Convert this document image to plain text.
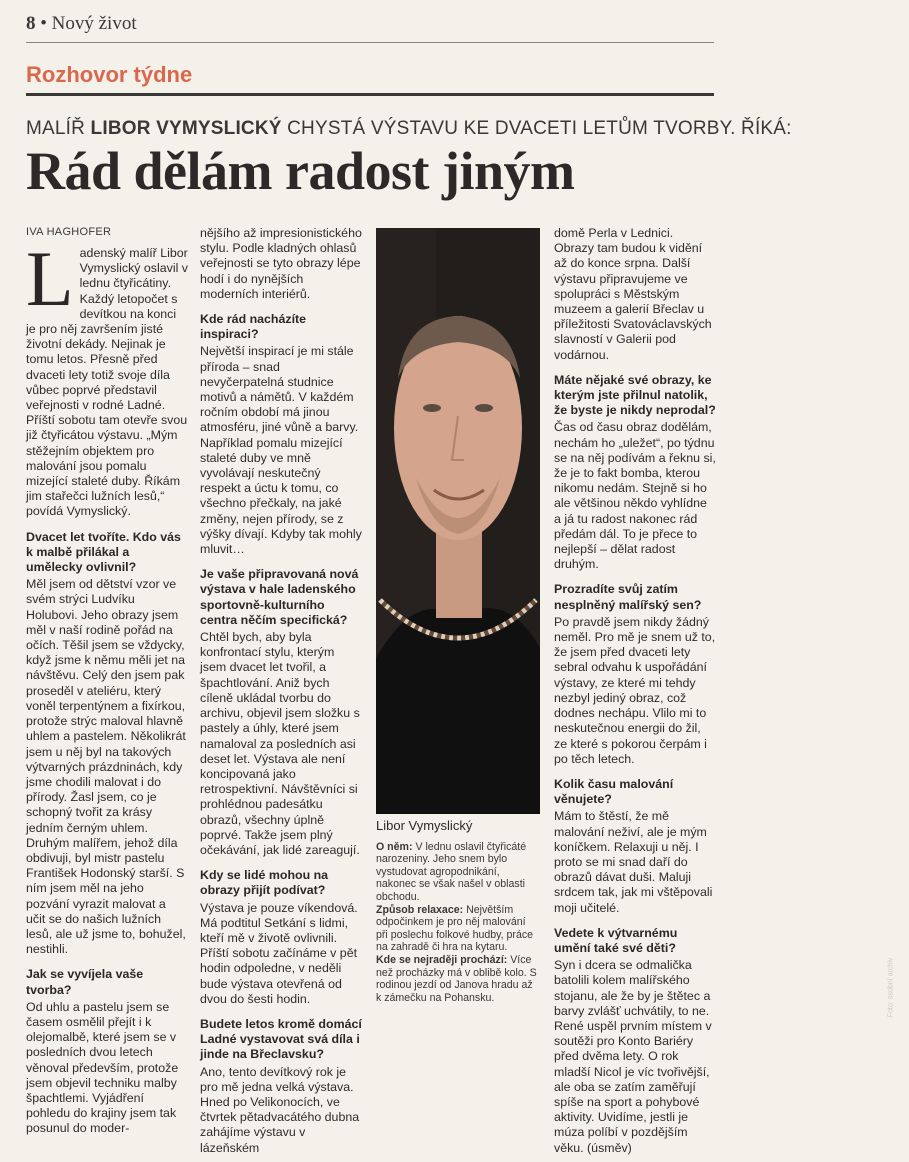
8 • Nový život
Rozhovor týdne
MALÍŘ LIBOR VYMYSLICKÝ CHYSTÁ VÝSTAVU KE DVACETI LETŮM TVORBY. ŘÍKÁ:
Rád dělám radost jiným
IVA HAGHOFER

Ladenský malíř Libor Vymyslický oslavil v lednu čtyřicátiny. Každý letopočet s devítkou na konci je pro něj završením jisté životní dekády. Nejinak je tomu letos. Přesně před dvaceti lety totiž svoje díla vůbec poprvé představil veřejnosti v rodné Ladné. Příští sobotu tam otevře svou již čtyřicátou výstavu. „Mým stěžejním objektem pro malování jsou pomalu mizející staleté duby. Říkám jim stařečci lužních lesů,“ povídá Vymyslický.

Dvacet let tvoříte. Kdo vás k malbě přilákal a umělecky ovlivnil?

Měl jsem od dětství vzor ve svém strýci Ludvíku Holubovi. Jeho obrazy jsem měl v naší rodině pořád na očích. Těšil jsem se vždycky, když jsme k němu měli jet na návštěvu. Celý den jsem pak proseděl v ateliéru, který voněl terpentýnem a fixírkou, protože strýc maloval hlavně uhlem a pastelem. Několikrát jsem u něj byl na takových výtvarných prázdninách, kdy jsme chodili malovat i do přírody. Žasl jsem, co je schopný tvořit za krásy jedním černým uhlem. Druhým malířem, jehož díla obdivuji, byl mistr pastelu František Hodonský starší. S ním jsem měl na jeho pozvání vyrazit malovat a učit se do našich lužních lesů, ale už jsme to, bohužel, nestihli.

Jak se vyvíjela vaše tvorba?

Od uhlu a pastelu jsem se časem osmělil přejít i k olejomalbě, které jsem se v posledních dvou letech věnoval především, protože jsem objevil techniku malby špachtlemi. Vyjádření pohledu do krajiny jsem tak posunul do moder-

nějšího až impresionistického stylu. Podle kladných ohlasů veřejnosti se tyto obrazy lépe hodí i do nynějších moderních interiérů.

Kde rád nacházíte inspiraci?

Největší inspirací je mi stále příroda – snad nevyčerpatelná studnice motivů a námětů. V každém ročním období má jinou atmosféru, jiné vůně a barvy. Například pomalu mizející staleté duby ve mně vyvolávají neskutečný respekt a úctu k tomu, co všechno přečkaly, na jaké změny, nejen přírody, se z výšky dívají. Kdyby tak mohly mluvit…

Je vaše připravovaná nová výstava v hale ladenského sportovně-kulturního centra něčím specifická?

Chtěl bych, aby byla konfrontací stylu, kterým jsem dvacet let tvořil, a špachtlování. Aniž bych cíleně ukládal tvorbu do archivu, objevil jsem složku s pastely a úhly, které jsem namaloval za posledních asi deset let. Výstava ale není koncipovaná jako retrospektivní. Návštěvníci si prohlédnou padesátku obrazů, všechny úplně poprvé. Takže jsem plný očekávání, jak lidé zareagují.

Kdy se lidé mohou na obrazy přijít podívat?

Výstava je pouze víkendová. Má podtitul Setkání s lidmi, kteří mě v životě ovlivnili. Příští sobotu začínáme v pět hodin odpoledne, v neděli bude výstava otevřená od dvou do šesti hodin.

Budete letos kromě domácí Ladné vystavovat svá díla i jinde na Břeclavsku?

Ano, tento devítkový rok je pro mě jedna velká výstava. Hned po Velikonocích, ve čtvrtek pětadvacátého dubna zahájíme výstavu v lázeňském

Foto: osobní archiv
Libor Vymyslický

O něm: V lednu oslavil čtyřicáté narozeniny. Jeho snem bylo vystudovat agropodnikání, nakonec se však našel v oblasti obchodu.

Způsob relaxace: Největším odpočinkem je pro něj malování při poslechu folkové hudby, práce na zahradě či hra na kytaru.

Kde se nejraději prochází: Více než procházky má v oblibě kolo. S rodinou jezdí od Janova hradu až k zámečku na Pohansku.

domě Perla v Lednici. Obrazy tam budou k vidění až do konce srpna. Další výstavu připravujeme ve spolupráci s Městským muzeem a galerií Břeclav u příležitosti Svatováclavských slavností v Galerii pod vodárnou.

Máte nějaké své obrazy, ke kterým jste přilnul natolik, že byste je nikdy neprodal?

Čas od času obraz dodělám, nechám ho „uležet“, po týdnu se na něj podívám a řeknu si, že je to fakt bomba, kterou nikomu nedám. Stejně si ho ale většinou někdo vyhlídne a já tu radost nakonec rád předám dál. To je přece to nejlepší – dělat radost druhým.

Prozradíte svůj zatím nesplněný malířský sen?

Po pravdě jsem nikdy žádný neměl. Pro mě je snem už to, že jsem před dvaceti lety sebral odvahu k uspořádání výstavy, ze které mi tehdy nezbyl jediný obraz, což dodnes nechápu. Vlilo mi to neskutečnou energii do žil, ze které s pokorou čerpám i po těch letech.

Kolik času malování věnujete?

Mám to štěstí, že mě malování neživí, ale je mým koníčkem. Relaxuji u něj. I proto se mi snad daří do obrazů dávat duši. Maluji srdcem tak, jak mi vštěpovali moji učitelé.

Vedete k výtvarnému umění také své děti?

Syn i dcera se odmalička batolili kolem malířského stojanu, ale že by je štětec a barvy zvlášť uchvátily, to ne. René uspěl prvním místem v soutěži pro Konto Bariéry před dvěma lety. O rok mladší Nicol je víc tvořivější, ale oba se zatím zaměřují spíše na sport a pohybové aktivity. Uvidíme, jestli je múza políbí v pozdějším věku. (úsměv)
